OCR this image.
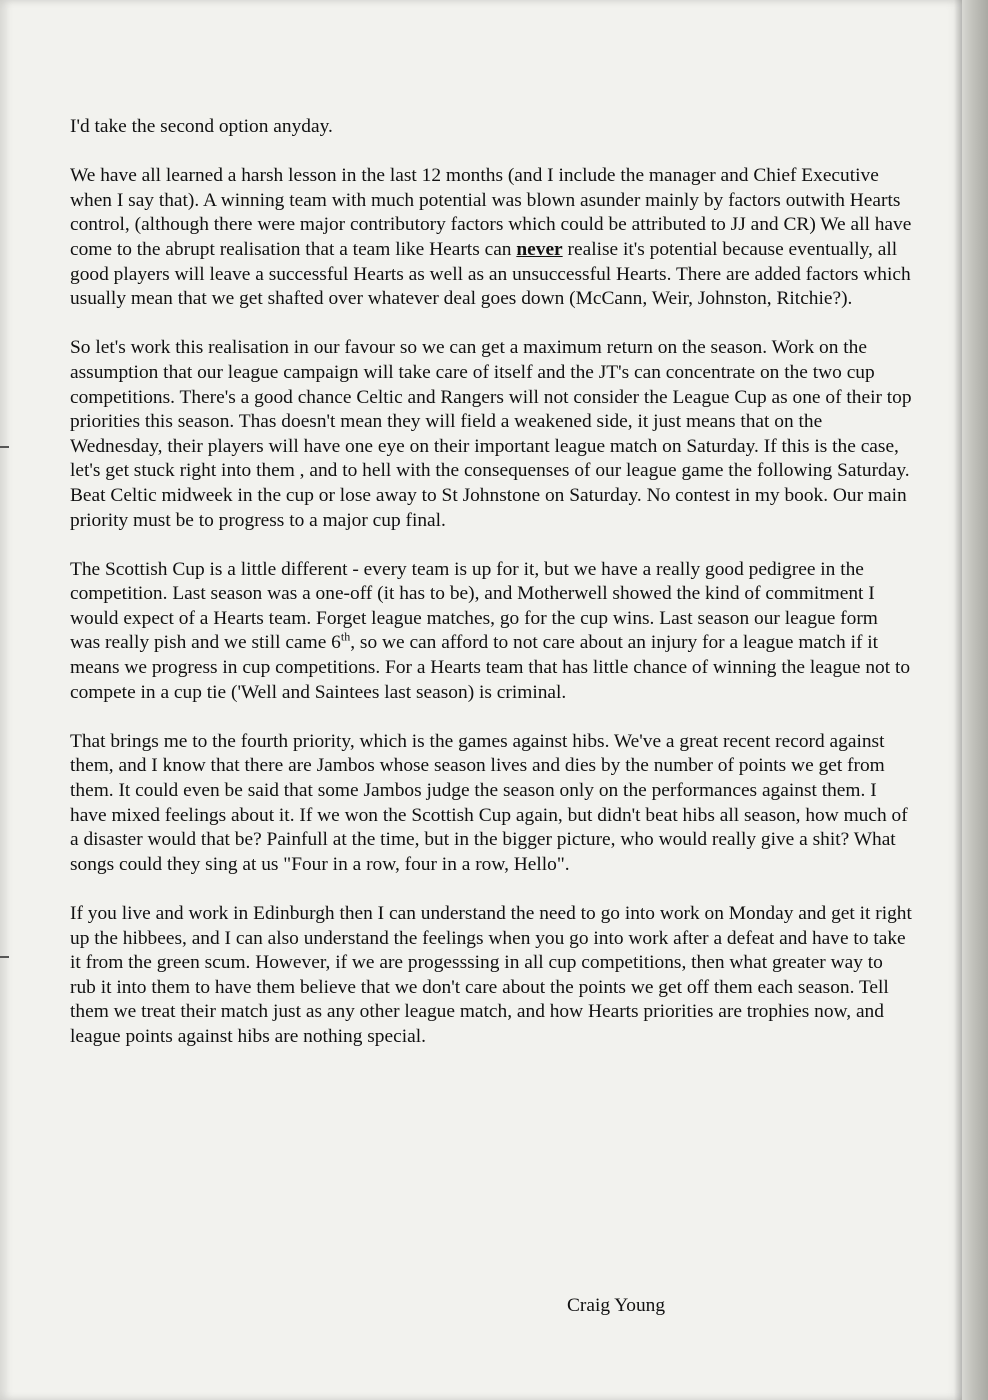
I'd take the second option anyday.

We have all learned a harsh lesson in the last 12 months (and I include the manager and Chief Executive when I say that). A winning team with much potential was blown asunder mainly by factors outwith Hearts control, (although there were major contributory factors which could be attributed to JJ and CR) We all have come to the abrupt realisation that a team like Hearts can never realise it's potential because eventually, all good players will leave a successful Hearts as well as an unsuccessful Hearts. There are added factors which usually mean that we get shafted over whatever deal goes down (McCann, Weir, Johnston, Ritchie?).

So let's work this realisation in our favour so we can get a maximum return on the season. Work on the assumption that our league campaign will take care of itself and the JT's can concentrate on the two cup competitions. There's a good chance Celtic and Rangers will not consider the League Cup as one of their top priorities this season. Thas doesn't mean they will field a weakened side, it just means that on the Wednesday, their players will have one eye on their important league match on Saturday. If this is the case, let's get stuck right into them , and to hell with the consequenses of our league game the following Saturday. Beat Celtic midweek in the cup or lose away to St Johnstone on Saturday. No contest in my book. Our main priority must be to progress to a major cup final.

The Scottish Cup is a little different - every team is up for it, but we have a really good pedigree in the competition. Last season was a one-off (it has to be), and Motherwell showed the kind of commitment I would expect of a Hearts team. Forget league matches, go for the cup wins. Last season our league form was really pish and we still came 6th, so we can afford to not care about an injury for a league match if it means we progress in cup competitions. For a Hearts team that has little chance of winning the league not to compete in a cup tie ('Well and Saintees last season) is criminal.

That brings me to the fourth priority, which is the games against hibs. We've a great recent record against them, and I know that there are Jambos whose season lives and dies by the number of points we get from them. It could even be said that some Jambos judge the season only on the performances against them. I have mixed feelings about it. If we won the Scottish Cup again, but didn't beat hibs all season, how much of a disaster would that be? Painfull at the time, but in the bigger picture, who would really give a shit? What songs could they sing at us "Four in a row, four in a row, Hello".

If you live and work in Edinburgh then I can understand the need to go into work on Monday and get it right up the hibbees, and I can also understand the feelings when you go into work after a defeat and have to take it from the green scum. However, if we are progesssing in all cup competitions, then what greater way to rub it into them to have them believe that we don't care about the points we get off them each season. Tell them we treat their match just as any other league match, and how Hearts priorities are trophies now, and league points against hibs are nothing special.

Craig Young
